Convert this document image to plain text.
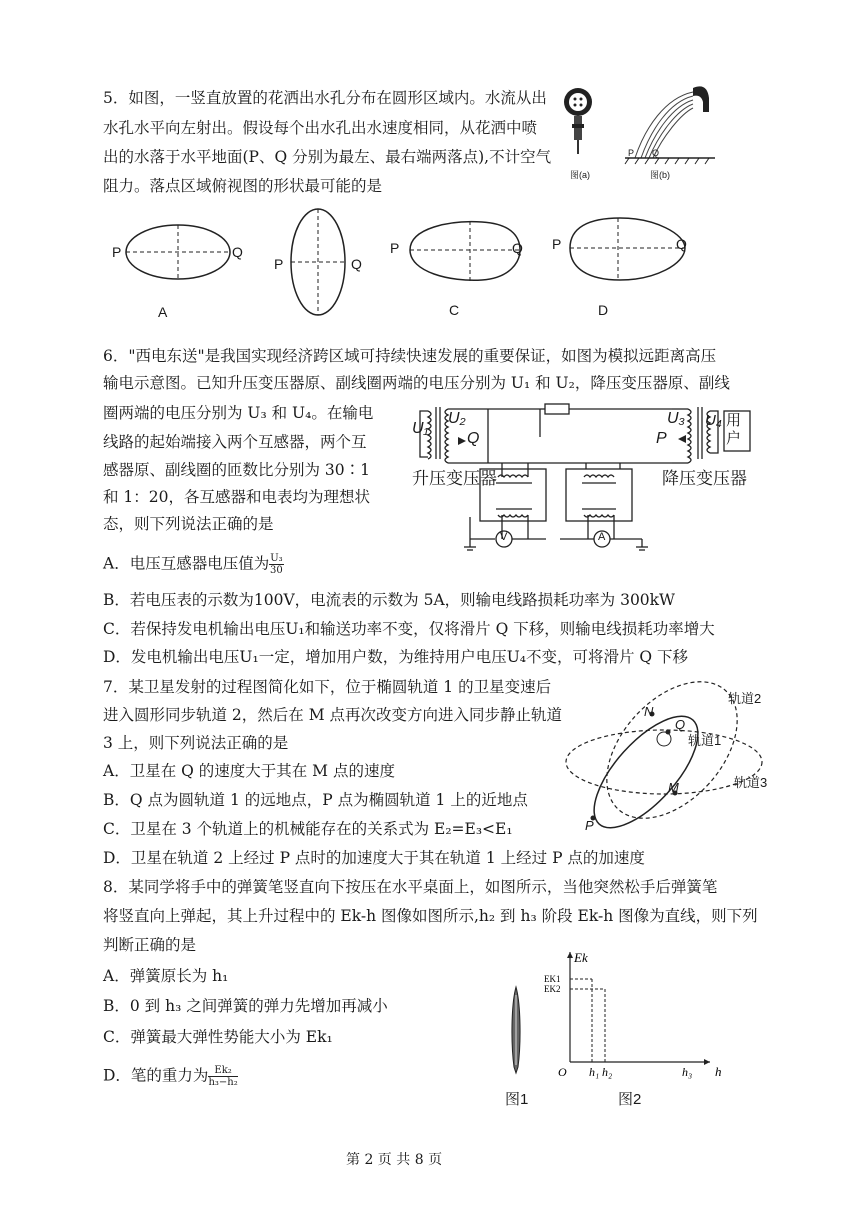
5．如图，一竖直放置的花洒出水孔分布在圆形区域内。水流从出
水孔水平向左射出。假设每个出水孔出水速度相同，从花洒中喷
出的水落于水平地面(P、Q 分别为最左、最右端两落点),不计空气
阻力。落点区域俯视图的形状最可能的是
图(a)
P Q
图(b)
P	Q
P	Q
P	Q P	Q
A	C	D
6．"西电东送"是我国实现经济跨区域可持续快速发展的重要保证，如图为模拟远距离高压
输电示意图。已知升压变压器原、副线圈两端的电压分别为 U₁ 和 U₂，降压变压器原、副线
圈两端的电压分别为 U₃ 和 U₄。在输电
线路的起始端接入两个互感器，两个互
感器原、副线圈的匝数比分别为 30∶1
和 1：20，各互感器和电表均为理想状
态，则下列说法正确的是
A．电压互感器电压值为 $\frac{\text{U₃}}{30}$
B．若电压表的示数为100V，电流表的示数为 5A，则输电线路损耗功率为 300kW
C．若保持发电机输出电压U₁和输送功率不变，仅将滑片 Q 下移，则输电线损耗功率增大
D．发电机输出电压U₁一定，增加用户数，为维持用户电压U₄不变，可将滑片 Q 下移
U₁
U₂
Q
U₃ U₄
P
用户
升压变压器	降压变压器
V	A
7．某卫星发射的过程图简化如下，位于椭圆轨道 1 的卫星变速后
进入圆形同步轨道 2，然后在 M 点再次改变方向进入同步静止轨道
3 上，则下列说法正确的是
A．卫星在 Q 的速度大于其在 M 点的速度
B．Q 点为圆轨道 1 的远地点，P 点为椭圆轨道 1 上的近地点
C．卫星在 3 个轨道上的机械能存在的关系式为 E₂=E₃<E₁
D．卫星在轨道 2 上经过 P 点时的加速度大于其在轨道 1 上经过 P 点的加速度
轨道2
轨道1
轨道3
N
Q
M
P
8．某同学将手中的弹簧笔竖直向下按压在水平桌面上，如图所示，当他突然松手后弹簧笔
将竖直向上弹起，其上升过程中的 Ek-h 图像如图所示,h₂ 到 h₃ 阶段 Ek-h 图像为直线，则下列
判断正确的是
A．弹簧原长为 h₁
B．0 到 h₃ 之间弹簧的弹力先增加再减小
C．弹簧最大弹性势能大小为 Ek₁
D．笔的重力为 $\frac{\text{Ek₂}}{\text{h₃−h₂}}$
图1
O h₁ h₂	h₃
EK1
EK2
h
Ek
图2
第 2 页 共 8 页
